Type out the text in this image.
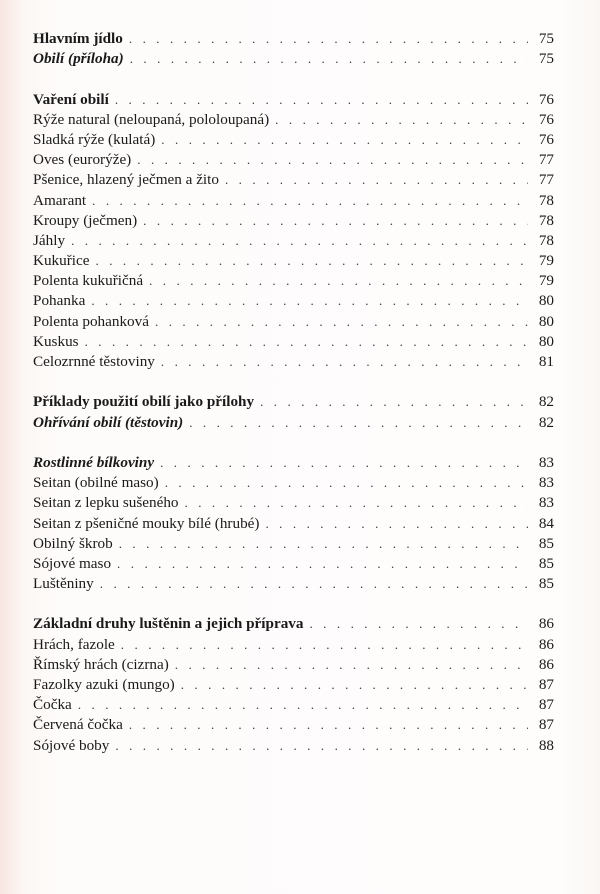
Hlavním jídlo . . .	75
Obilí (příloha) . . .	75
Vaření obilí . . .	76
Rýže natural (neloupaná, pololoupaná) . . .	76
Sladká rýže (kulatá) . . .	76
Oves (eurorýže) . . .	77
Pšenice, hlazený ječmen a žito . . .	77
Amarant . . .	78
Kroupy (ječmen) . . .	78
Jáhly . . .	78
Kukuřice . . .	79
Polenta kukuřičná . . .	79
Pohanka . . .	80
Polenta pohanková . . .	80
Kuskus . . .	80
Celozrnné těstoviny . . .	81
Příklady použití obilí jako přílohy . . .	82
Ohřívání obilí (těstovin) . . .	82
Rostlinné bílkoviny . . .	83
Seitan (obilné maso) . . .	83
Seitan z lepku sušeného . . .	83
Seitan z pšeničné mouky bílé (hrubé) . . .	84
Obilný škrob . . .	85
Sójové maso . . .	85
Luštěniny . . .	85
Základní druhy luštěnin a jejich příprava . . .	86
Hrách, fazole . . .	86
Římský hrách (cizrna) . . .	86
Fazolky azuki (mungo) . . .	87
Čočka . . .	87
Červená čočka . . .	87
Sójové boby . . .	88
